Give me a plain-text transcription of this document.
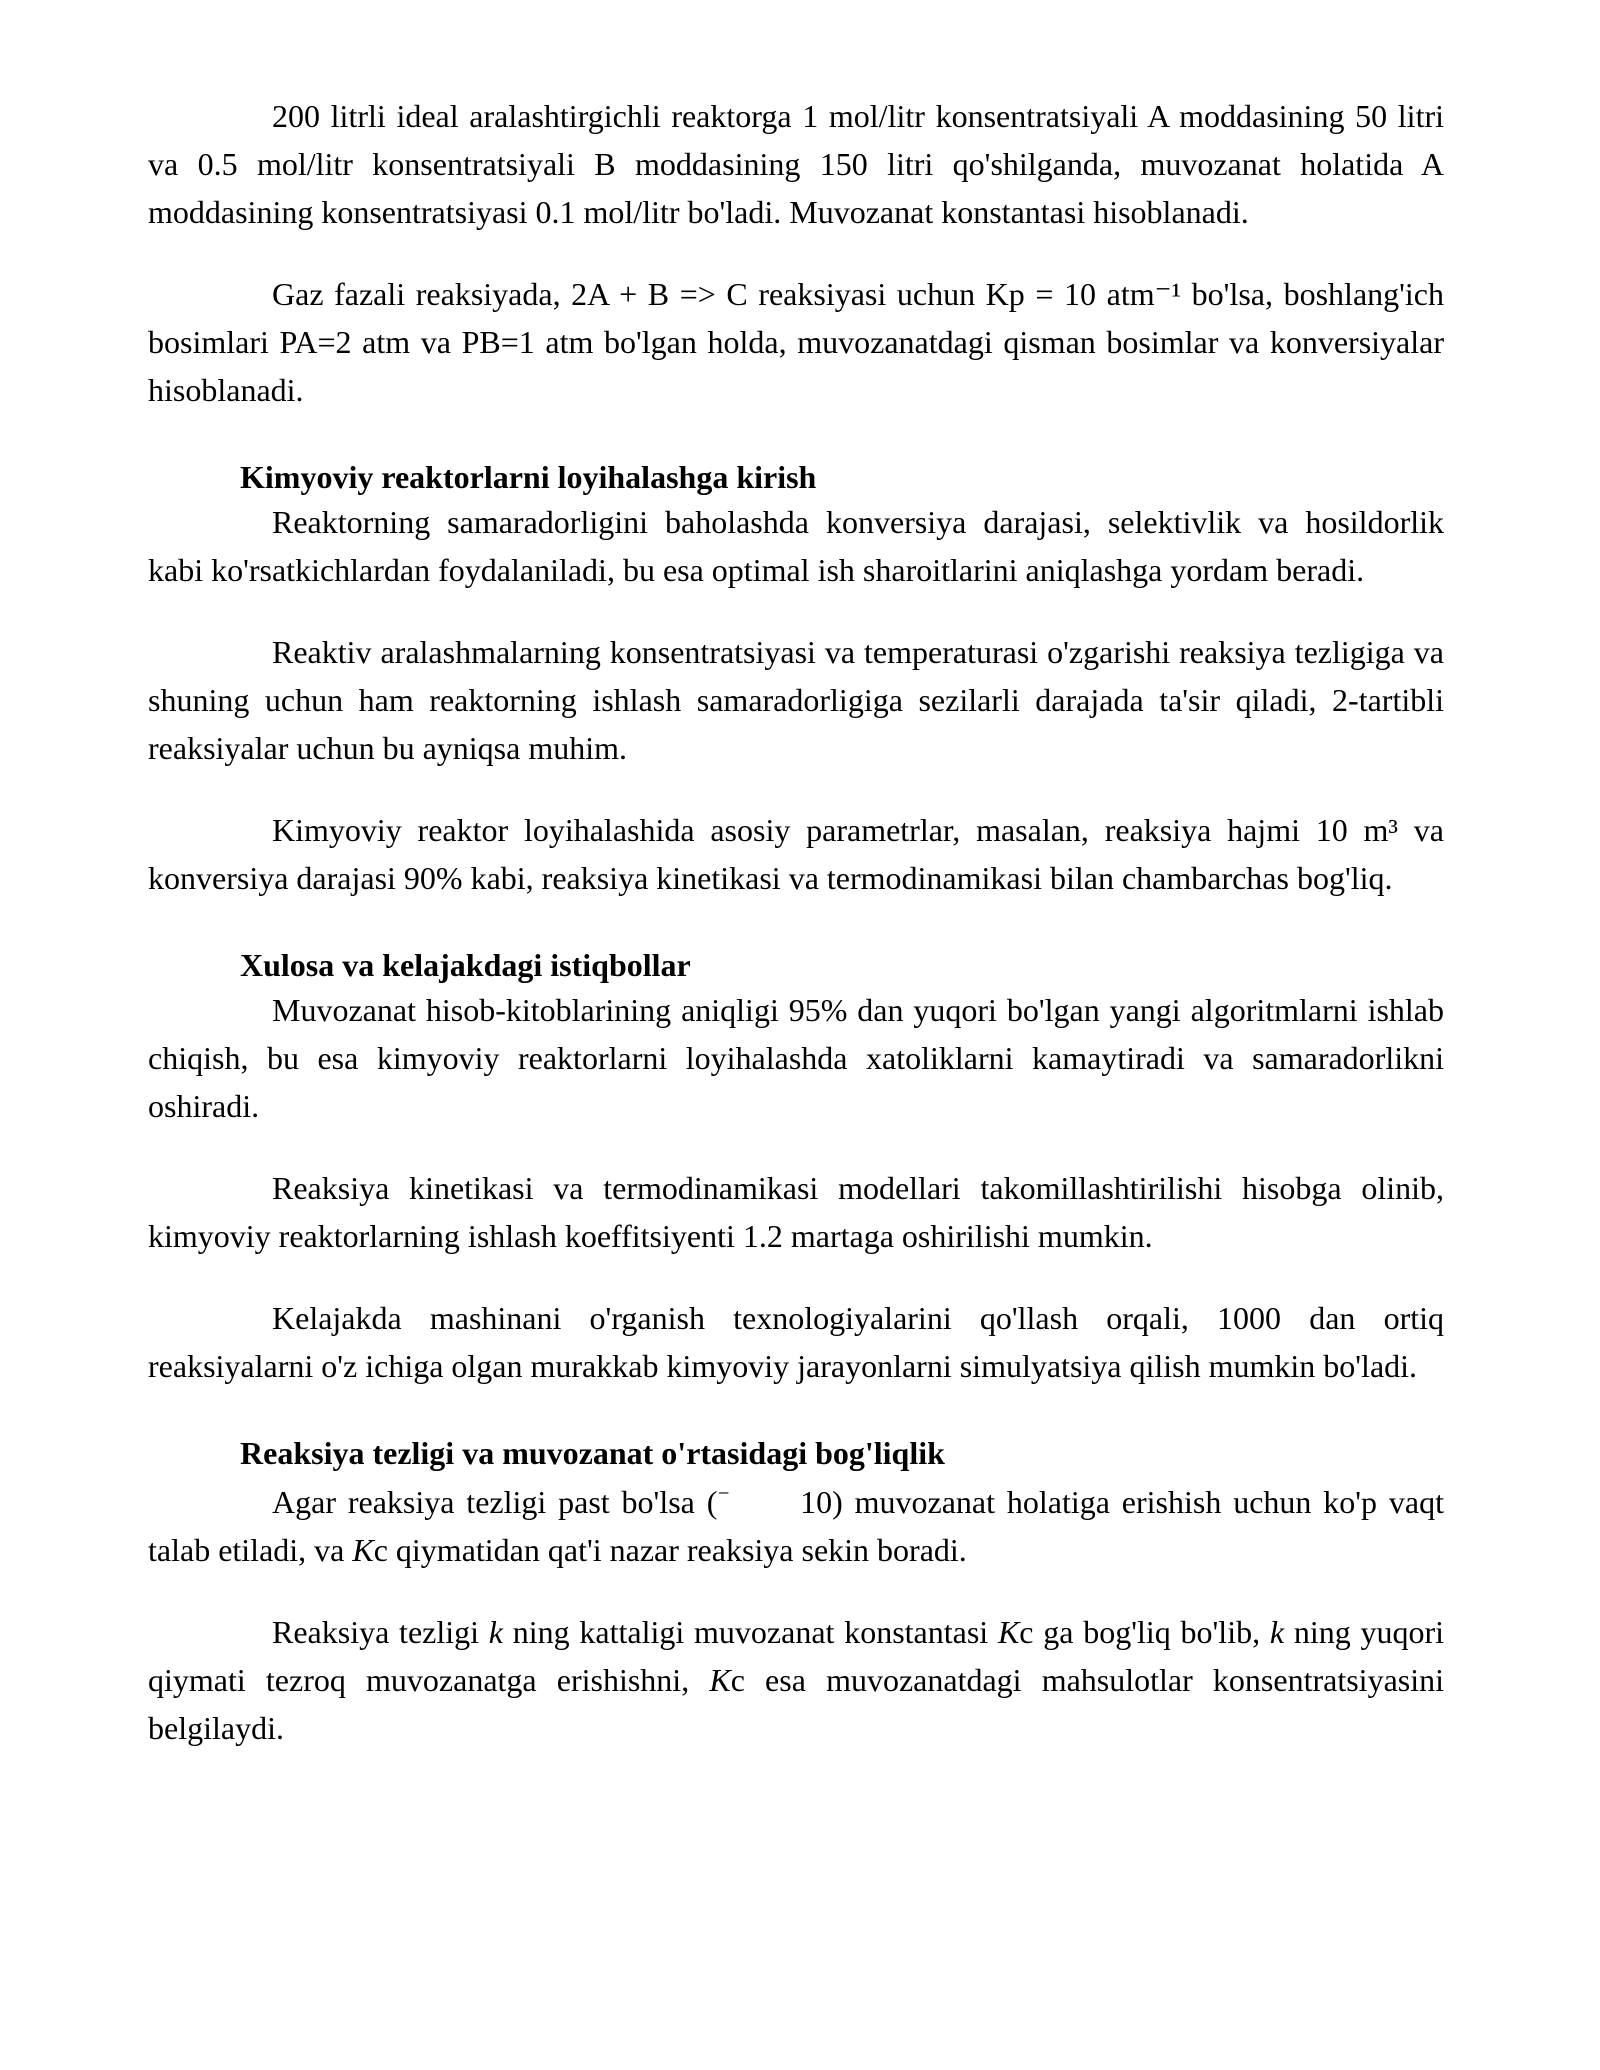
200 litrli ideal aralashtirgichli reaktorga 1 mol/litr konsentratsiyali A moddasining 50 litri va 0.5 mol/litr konsentratsiyali B moddasining 150 litri qo'shilganda, muvozanat holatida A moddasining konsentratsiyasi 0.1 mol/litr bo'ladi. Muvozanat konstantasi hisoblanadi.

Gaz fazali reaksiyada, 2A + B => C reaksiyasi uchun Kp = 10 atm⁻¹ bo'lsa, boshlang'ich bosimlari PA=2 atm va PB=1 atm bo'lgan holda, muvozanatdagi qisman bosimlar va konversiyalar hisoblanadi.

Kimyoviy reaktorlarni loyihalashga kirish

Reaktorning samaradorligini baholashda konversiya darajasi, selektivlik va hosildorlik kabi ko'rsatkichlardan foydalaniladi, bu esa optimal ish sharoitlarini aniqlashga yordam beradi.

Reaktiv aralashmalarning konsentratsiyasi va temperaturasi o'zgarishi reaksiya tezligiga va shuning uchun ham reaktorning ishlash samaradorligiga sezilarli darajada ta'sir qiladi, 2-tartibli reaksiyalar uchun bu ayniqsa muhim.

Kimyoviy reaktor loyihalashida asosiy parametrlar, masalan, reaksiya hajmi 10 m³ va konversiya darajasi 90% kabi, reaksiya kinetikasi va termodinamikasi bilan chambarchas bog'liq.

Xulosa va kelajakdagi istiqbollar

Muvozanat hisob-kitoblarining aniqligi 95% dan yuqori bo'lgan yangi algoritmlarni ishlab chiqish, bu esa kimyoviy reaktorlarni loyihalashda xatoliklarni kamaytiradi va samaradorlikni oshiradi.

Reaksiya kinetikasi va termodinamikasi modellari takomillashtirilishi hisobga olinib, kimyoviy reaktorlarning ishlash koeffitsiyenti 1.2 martaga oshirilishi mumkin.

Kelajakda mashinani o'rganish texnologiyalarini qo'llash orqali, 1000 dan ortiq reaksiyalarni o'z ichiga olgan murakkab kimyoviy jarayonlarni simulyatsiya qilish mumkin bo'ladi.

Reaksiya tezligi va muvozanat o'rtasidagi bog'liqlik

Agar reaksiya tezligi past bo'lsa (⁻ 10) muvozanat holatiga erishish uchun ko'p vaqt talab etiladi, va Kc qiymatidan qat'i nazar reaksiya sekin boradi.

Reaksiya tezligi k ning kattaligi muvozanat konstantasi Kc ga bog'liq bo'lib, k ning yuqori qiymati tezroq muvozanatga erishishni, Kc esa muvozanatdagi mahsulotlar konsentratsiyasini belgilaydi.
